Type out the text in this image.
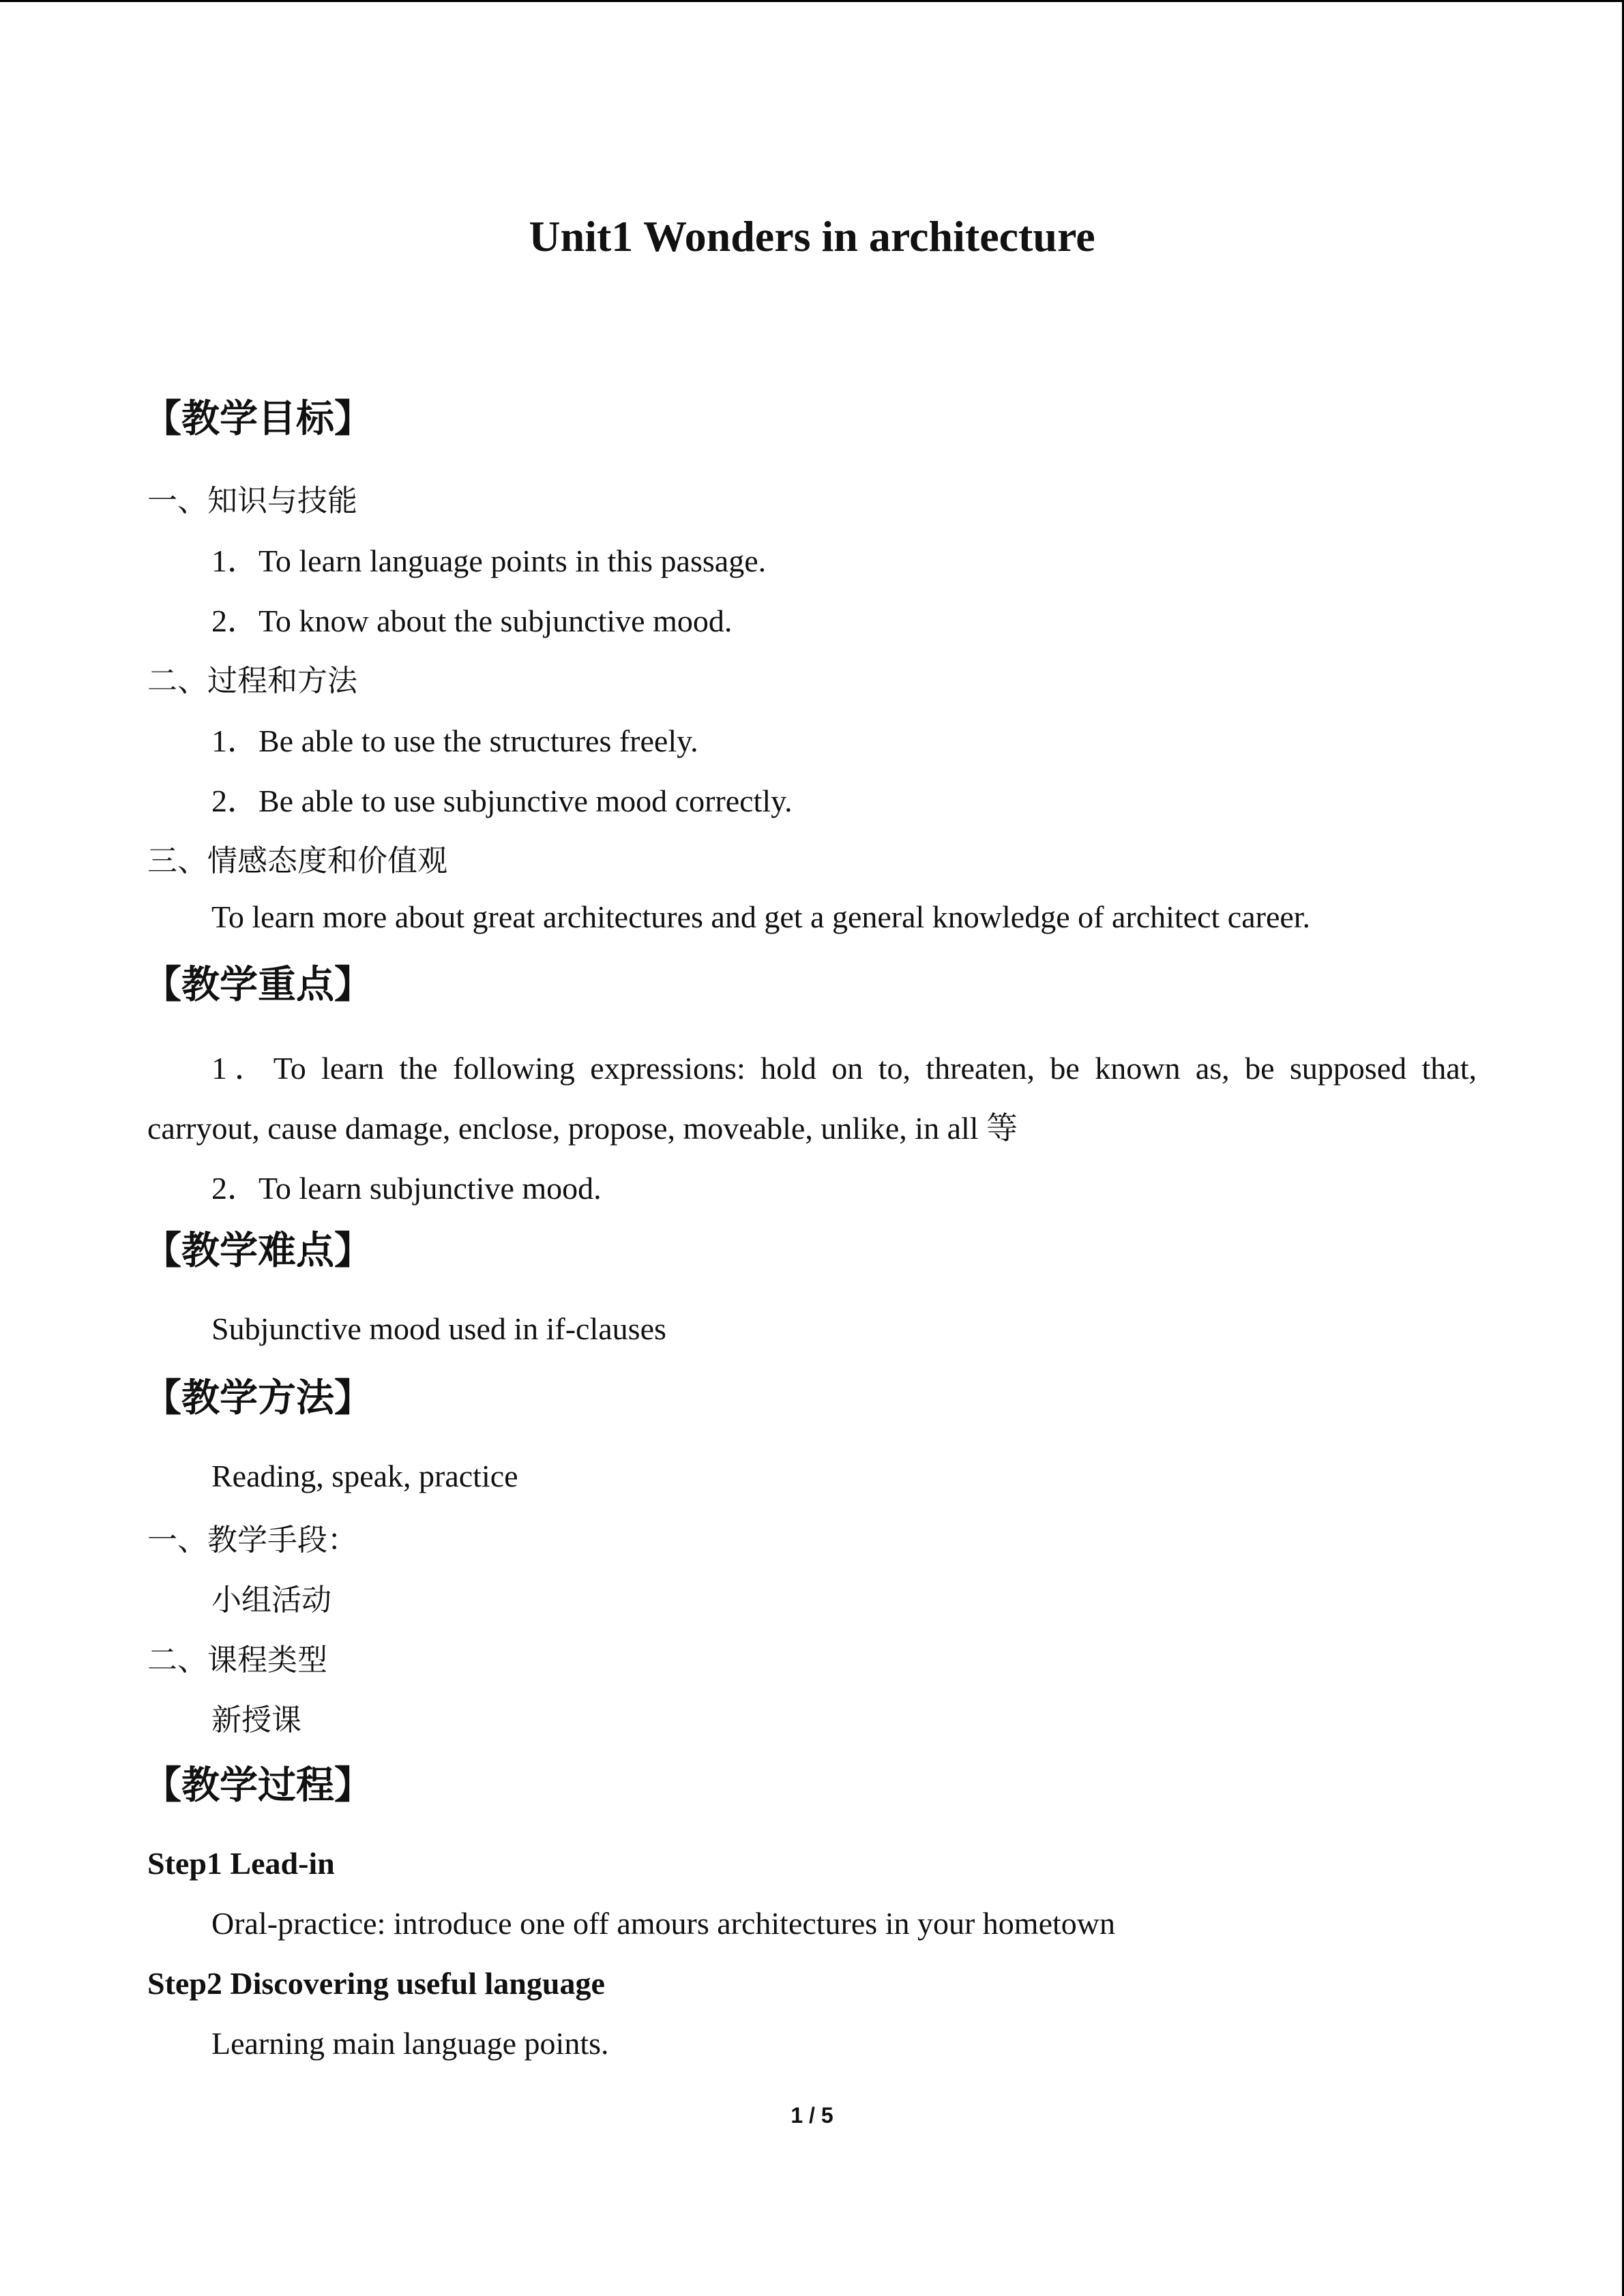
Unit1 Wonders in architecture
【教学目标】
一、知识与技能
1．To learn language points in this passage.
2．To know about the subjunctive mood.
二、过程和方法
1．Be able to use the structures freely.
2．Be able to use subjunctive mood correctly.
三、情感态度和价值观
To learn more about great architectures and get a general knowledge of architect career.
【教学重点】
1．To learn the following expressions: hold on to, threaten, be known as, be supposed that,
carryout, cause damage, enclose, propose, moveable, unlike, in all 等
2．To learn subjunctive mood.
【教学难点】
Subjunctive mood used in if-clauses
【教学方法】
Reading, speak, practice
一、教学手段：
小组活动
二、课程类型
新授课
【教学过程】
Step1 Lead-in
Oral-practice: introduce one off amours architectures in your hometown
Step2 Discovering useful language
Learning main language points.
1 / 5
